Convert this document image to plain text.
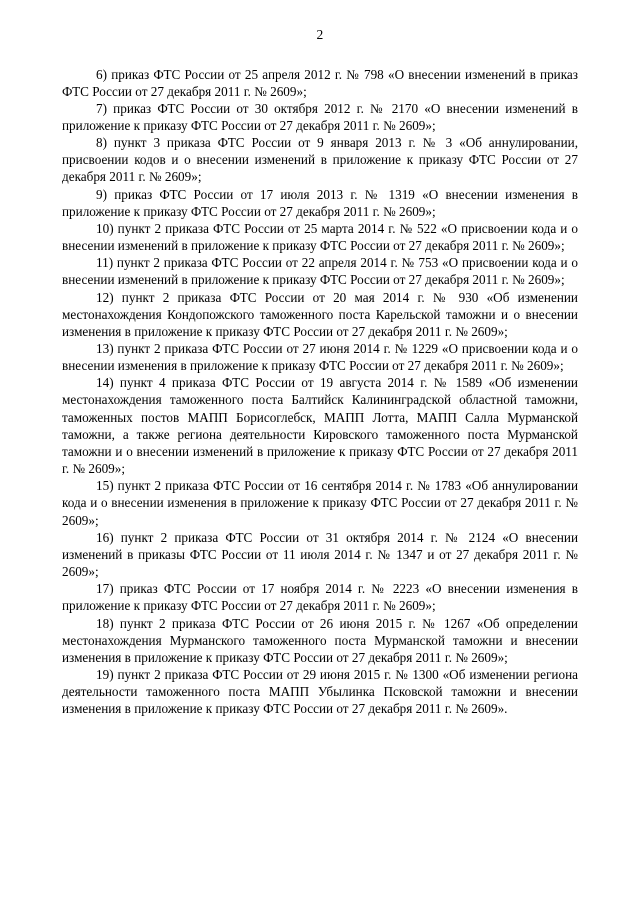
2

6) приказ ФТС России от 25 апреля 2012 г. № 798 «О внесении изменений в приказ ФТС России от 27 декабря 2011 г. № 2609»;

7) приказ ФТС России от 30 октября 2012 г. № 2170 «О внесении изменений в приложение к приказу ФТС России от 27 декабря 2011 г. № 2609»;

8) пункт 3 приказа ФТС России от 9 января 2013 г. № 3 «Об аннулировании, присвоении кодов и о внесении изменений в приложение к приказу ФТС России от 27 декабря 2011 г. № 2609»;

9) приказ ФТС России от 17 июля 2013 г. № 1319 «О внесении изменения в приложение к приказу ФТС России от 27 декабря 2011 г. № 2609»;

10) пункт 2 приказа ФТС России от 25 марта 2014 г. № 522 «О присвоении кода и о внесении изменений в приложение к приказу ФТС России от 27 декабря 2011 г. № 2609»;

11) пункт 2 приказа ФТС России от 22 апреля 2014 г. № 753 «О присвоении кода и о внесении изменений в приложение к приказу ФТС России от 27 декабря 2011 г. № 2609»;

12) пункт 2 приказа ФТС России от 20 мая 2014 г. № 930 «Об изменении местонахождения Кондопожского таможенного поста Карельской таможни и о внесении изменения в приложение к приказу ФТС России от 27 декабря 2011 г. № 2609»;

13) пункт 2 приказа ФТС России от 27 июня 2014 г. № 1229 «О присвоении кода и о внесении изменения в приложение к приказу ФТС России от 27 декабря 2011 г. № 2609»;

14) пункт 4 приказа ФТС России от 19 августа 2014 г. № 1589 «Об изменении местонахождения таможенного поста Балтийск Калининградской областной таможни, таможенных постов МАПП Борисоглебск, МАПП Лотта, МАПП Салла Мурманской таможни, а также региона деятельности Кировского таможенного поста Мурманской таможни и о внесении изменений в приложение к приказу ФТС России от 27 декабря 2011 г. № 2609»;

15) пункт 2 приказа ФТС России от 16 сентября 2014 г. № 1783 «Об аннулировании кода и о внесении изменения в приложение к приказу ФТС России от 27 декабря 2011 г. № 2609»;

16) пункт 2 приказа ФТС России от 31 октября 2014 г. № 2124 «О внесении изменений в приказы ФТС России от 11 июля 2014 г. № 1347 и от 27 декабря 2011 г. № 2609»;

17) приказ ФТС России от 17 ноября 2014 г. № 2223 «О внесении изменения в приложение к приказу ФТС России от 27 декабря 2011 г. № 2609»;

18) пункт 2 приказа ФТС России от 26 июня 2015 г. № 1267 «Об определении местонахождения Мурманского таможенного поста Мурманской таможни и внесении изменения в приложение к приказу ФТС России от 27 декабря 2011 г. № 2609»;

19) пункт 2 приказа ФТС России от 29 июня 2015 г. № 1300 «Об изменении региона деятельности таможенного поста МАПП Убылинка Псковской таможни и внесении изменения в приложение к приказу ФТС России от 27 декабря 2011 г. № 2609».
